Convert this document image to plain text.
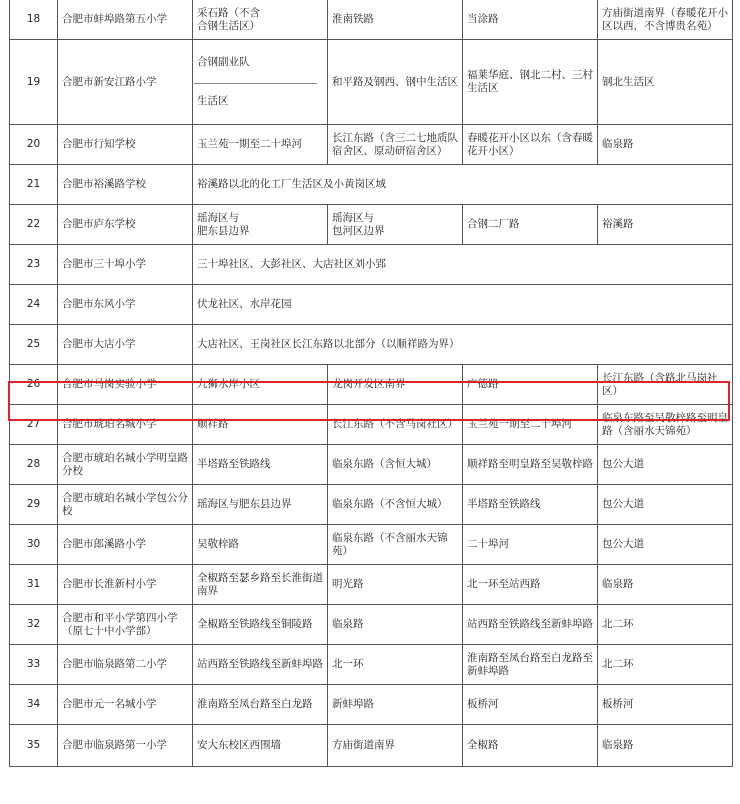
18	合肥市蚌埠路第五小学	采石路（不含
合钢生活区）	淮南铁路	当涂路	方庙街道南界（春暖花开小区以西，不含博贵名苑）
19	合肥市新安江路小学	合钢副业队

生活区	和平路及钢西、钢中生活区	福莱华庭、钢北二村、三村生活区	钢北生活区
20	合肥市行知学校	玉兰苑一期至二十埠河	长江东路（含三二七地质队宿舍区、原动研宿舍区）	春暖花开小区以东（含春暖花开小区）	临泉路
21	合肥市裕溪路学校	裕溪路以北的化工厂生活区及小黄岗区域			
22	合肥市庐东学校	瑶海区与
肥东县边界	瑶海区与
包河区边界	合钢二厂路	裕溪路
23	合肥市三十埠小学	三十埠社区、大彭社区、大店社区刘小郢			
24	合肥市东风小学	伏龙社区、水岸花园			
25	合肥市大店小学	大店社区、王岗社区长江东路以北部分（以顺祥路为界）			
26	合肥市马岗实验小学	九狮水岸小区	龙岗开发区南界	广德路	长江东路（含路北马岗社区）
27	合肥市琥珀名城小学	顺祥路	长江东路（不含马岗社区）	玉兰苑一期至二十埠河	临泉东路至吴敬梓路至明皇路（含丽水天锦苑）
28	合肥市琥珀名城小学明皇路分校	半塔路至铁路线	临泉东路（含恒大城）	顺祥路至明皇路至吴敬梓路	包公大道
29	合肥市琥珀名城小学包公分校	瑶海区与肥东县边界	临泉东路（不含恒大城）	半塔路至铁路线	包公大道
30	合肥市郎溪路小学	吴敬梓路	临泉东路（不含丽水天锦苑）	二十埠河	包公大道
31	合肥市长淮新村小学	全椒路至瑟乡路至长淮街道南界	明光路	北一环至站西路	临泉路
32	合肥市和平小学第四小学（原七十中小学部）	全椒路至铁路线至铜陵路	临泉路	站西路至铁路线至新蚌埠路	北二环
33	合肥市临泉路第二小学	站西路至铁路线至新蚌埠路	北一环	淮南路至凤台路至白龙路至新蚌埠路	北二环
34	合肥市元一名城小学	淮南路至凤台路至白龙路	新蚌埠路	板桥河	板桥河
35	合肥市临泉路第一小学	安大东校区西围墙	方庙街道南界	全椒路	临泉路
